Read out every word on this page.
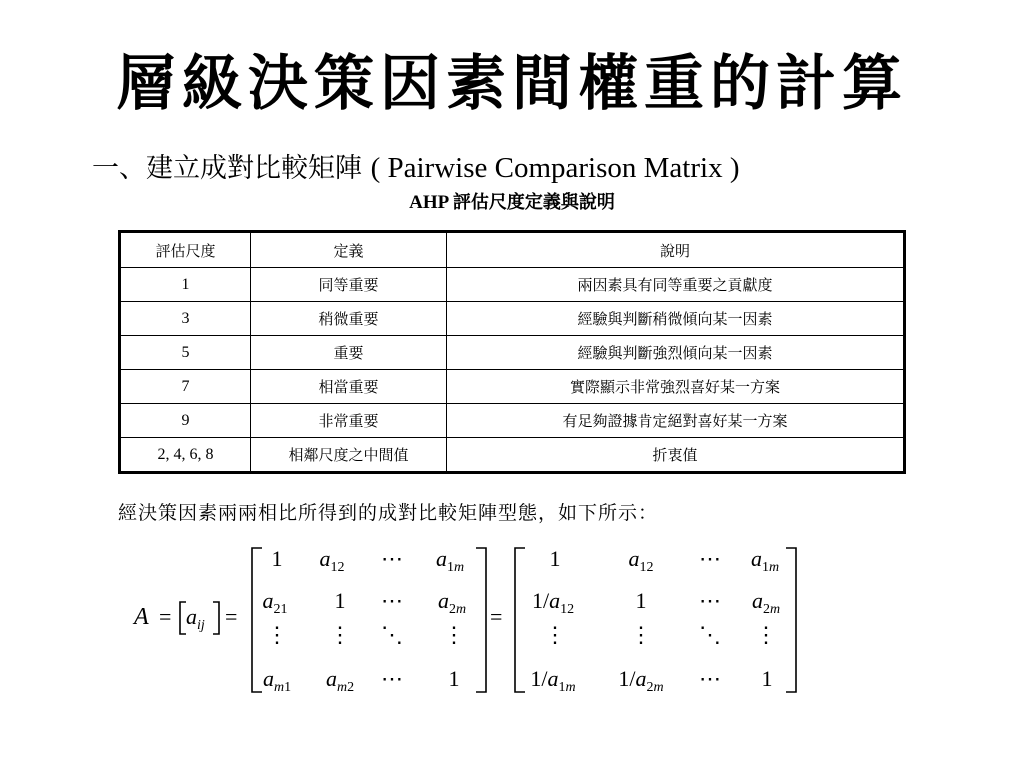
層級決策因素間權重的計算
一、建立成對比較矩陣 ( Pairwise Comparison Matrix )
AHP 評估尺度定義與說明
評估尺度	定義	說明
1	同等重要	兩因素具有同等重要之貢獻度
3	稍微重要	經驗與判斷稍微傾向某一因素
5	重要	經驗與判斷強烈傾向某一因素
7	相當重要	實際顯示非常強烈喜好某一方案
9	非常重要	有足夠證據肯定絕對喜好某一方案
2, 4, 6, 8	相鄰尺度之中間值	折衷值
經決策因素兩兩相比所得到的成對比較矩陣型態，如下所示：
$A = a_{ij}$ =
1 $a_{12}$ ⋯ $a_1m$
$a_{21}$ 1 ⋯ $a_2m$
⋮ ⋮ ⋱ ⋮
$a_m1$ $a_m2$ ⋯ 1
=
1	$a_{12}$ ⋯ $a_1m$
$1/a_{12}$	1 ⋯ $a_2m$
⋮	⋮ ⋱ ⋮
$1/a_1m$ $1/a_2m$ ⋯ 1
